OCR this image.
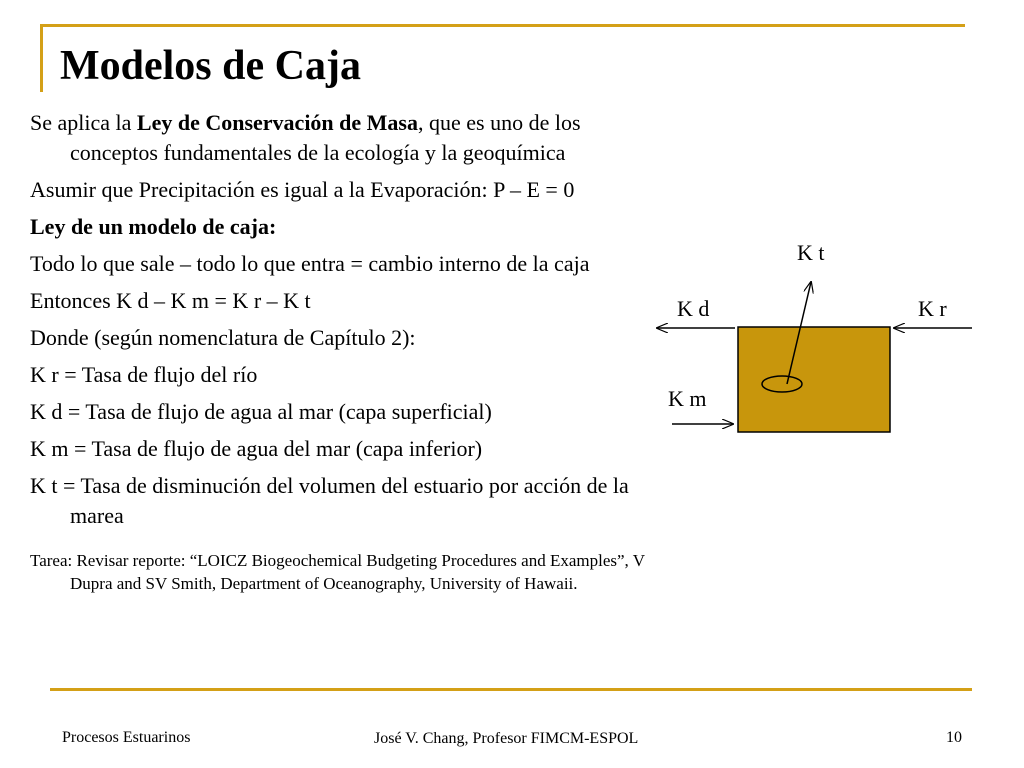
Modelos de Caja

Se aplica la Ley de Conservación de Masa, que es uno de los conceptos fundamentales de la ecología y la geoquímica

Asumir que Precipitación es igual a la Evaporación: P – E = 0

Ley de un modelo de caja:

Todo lo que sale – todo lo que entra = cambio interno de la caja

Entonces K d – K m = K r – K t

Donde (según nomenclatura de Capítulo 2):

K r = Tasa de flujo del río

K d = Tasa de flujo de agua al mar (capa superficial)

K m = Tasa de flujo de agua del mar (capa inferior)

K t = Tasa de disminución del volumen del estuario por acción de la marea

Tarea: Revisar reporte: “LOICZ Biogeochemical Budgeting Procedures and Examples”, V Dupra and SV Smith, Department of Oceanography, University of Hawaii.

K t
K d	K r
K m
Procesos Estuarinos	José V. Chang, Profesor FIMCM-ESPOL	10
